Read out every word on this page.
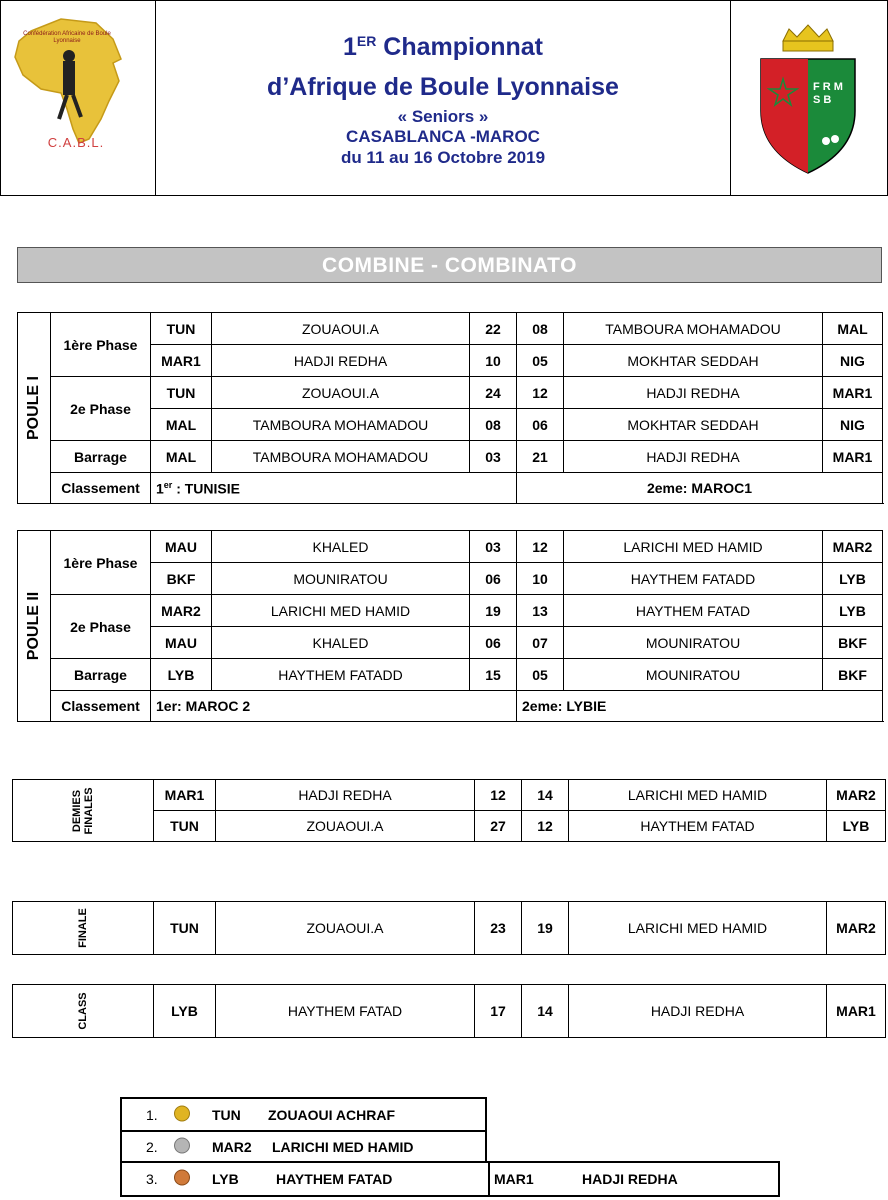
Confédération Africaine de Boule Lyonnaise
C.A.B.L.
1ER Championnat
d’Afrique de Boule Lyonnaise
« Seniors »
CASABLANCA -MAROC
du 11 au 16 Octobre 2019
F R M S B
COMBINE - COMBINATO
POULE I	1ère Phase	TUN	ZOUAOUI.A	22	08	TAMBOURA MOHAMADOU	MAL
		MAR1	HADJI REDHA	10	05	MOKHTAR SEDDAH	NIG
	2e Phase	TUN	ZOUAOUI.A	24	12	HADJI REDHA	MAR1
		MAL	TAMBOURA MOHAMADOU	08	06	MOKHTAR SEDDAH	NIG
	Barrage	MAL	TAMBOURA MOHAMADOU	03	21	HADJI REDHA	MAR1
	Classement	1er : TUNISIE			2eme: MAROC1		
POULE II	1ère Phase	MAU	KHALED	03	12	LARICHI MED HAMID	MAR2
		BKF	MOUNIRATOU	06	10	HAYTHEM FATADD	LYB
	2e Phase	MAR2	LARICHI MED HAMID	19	13	HAYTHEM FATAD	LYB
		MAU	KHALED	06	07	MOUNIRATOU	BKF
	Barrage	LYB	HAYTHEM FATADD	15	05	MOUNIRATOU	BKF
	Classement	1er: MAROC 2			2eme: LYBIE		
DEMIES FINALES	MAR1	HADJI REDHA	12	14	LARICHI MED HAMID	MAR2
	TUN	ZOUAOUI.A	27	12	HAYTHEM FATAD	LYB
FINALE	TUN	ZOUAOUI.A	23	19	LARICHI MED HAMID	MAR2
CLASS	LYB	HAYTHEM FATAD	17	14	HADJI REDHA	MAR1
1.	TUN ZOUAOUI ACHRAF
2.	MAR2 LARICHI MED HAMID
3.	LYB	HAYTHEM FATAD	MAR1	HADJI REDHA
